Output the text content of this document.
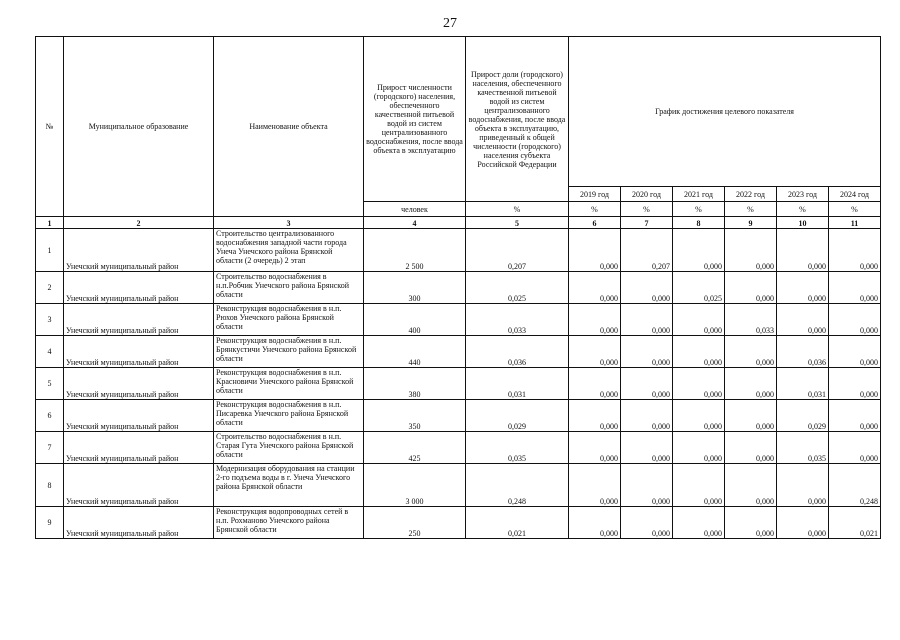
27
№	Муниципальное образование	Наименование объекта	Прирост численности (городского) населения, обеспеченного качественной питьевой водой из систем централизованного водоснабжения, после ввода объекта в эксплуатацию	Прирост доли (городского) населения, обеспеченного качественной питьевой водой из систем централизованного водоснабжения, после ввода объекта в эксплуатацию, приведенный к общей численности (городского) населения субъекта Российской Федерации	График достижения целевого показателя					
					2019 год	2020 год	2021 год	2022 год	2023 год	2024 год
			человек	%	%	%	%	%	%	%
1	2	3	4	5	6	7	8	9	10	11
1	Унечский муниципальный район	Строительство централизованного водоснабжения западной части города Унеча Унечского района Брянской области (2 очередь) 2 этап	2 500	0,207	0,000	0,207	0,000	0,000	0,000	0,000
2	Унечский муниципальный район	Строительство водоснабжения в н.п.Робчик Унечского района Брянской области	300	0,025	0,000	0,000	0,025	0,000	0,000	0,000
3	Унечский муниципальный район	Реконструкция водоснабжения в н.п. Рюхов Унечского района Брянской области	400	0,033	0,000	0,000	0,000	0,033	0,000	0,000
4	Унечский муниципальный район	Реконструкция водоснабжения в н.п. Брянкустичи Унечского района Брянской области	440	0,036	0,000	0,000	0,000	0,000	0,036	0,000
5	Унечский муниципальный район	Реконструкция водоснабжения в н.п. Красновичи Унечского района Брянской области	380	0,031	0,000	0,000	0,000	0,000	0,031	0,000
6	Унечский муниципальный район	Реконструкция водоснабжения в н.п. Писаревка Унечского района Брянской области	350	0,029	0,000	0,000	0,000	0,000	0,029	0,000
7	Унечский муниципальный район	Строительство водоснабжения в н.п. Старая Гута Унечского района Брянской области	425	0,035	0,000	0,000	0,000	0,000	0,035	0,000
8	Унечский муниципальный район	Модернизация оборудования на станции 2-го подъема воды в г. Унеча Унечского района Брянской области	3 000	0,248	0,000	0,000	0,000	0,000	0,000	0,248
9	Унечский муниципальный район	Реконструкция водопроводных сетей в н.п. Рохманово Унечского района Брянской области	250	0,021	0,000	0,000	0,000	0,000	0,000	0,021
